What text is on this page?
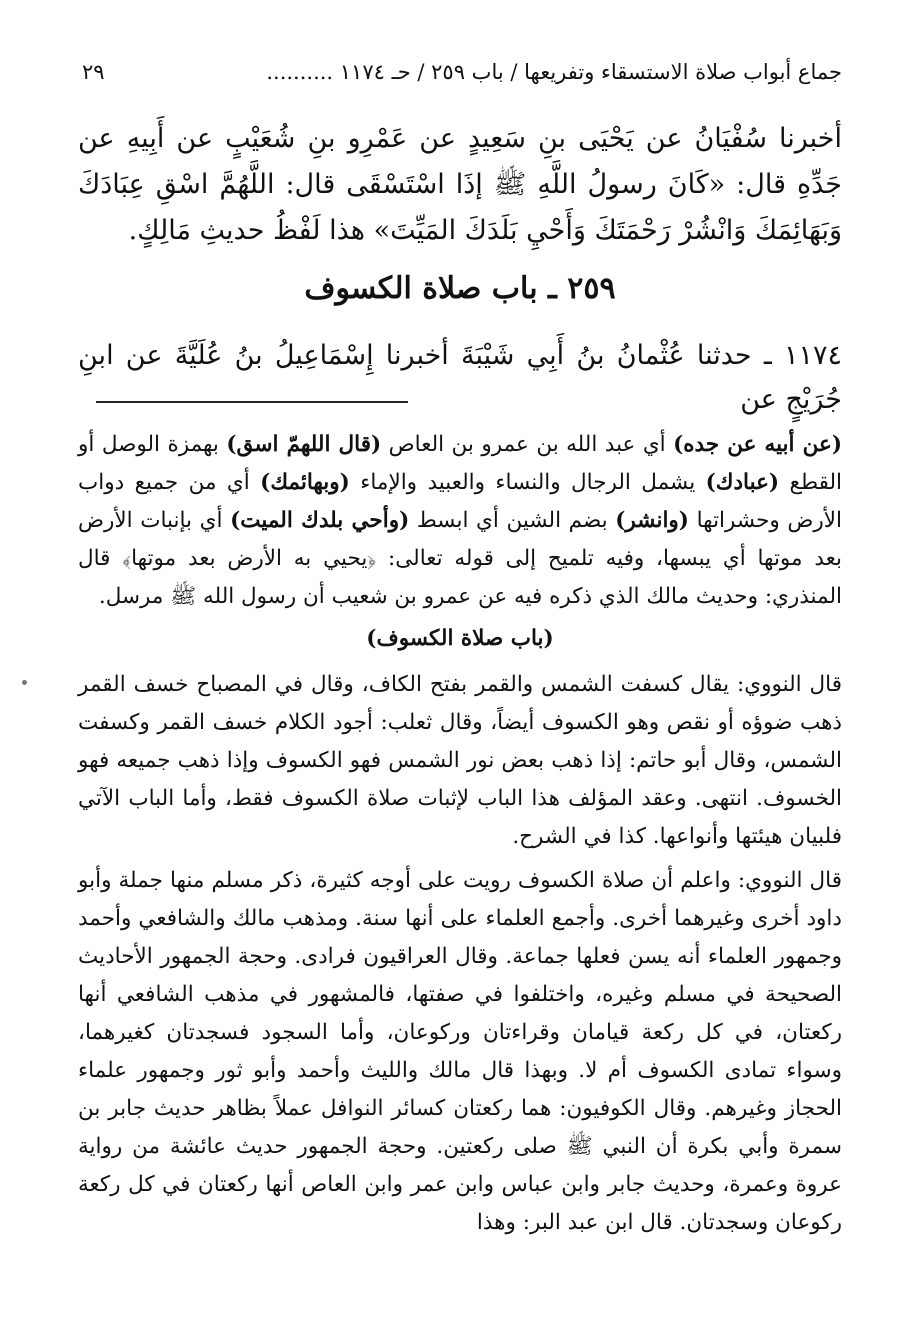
جماع أبواب صلاة الاستسقاء وتفريعها / باب ٢٥٩ / حـ ١١٧٤ ..........
٢٩

أخبرنا سُفْيَانُ عن يَحْيَى بنِ سَعِيدٍ عن عَمْرِو بنِ شُعَيْبٍ عن أَبِيهِ عن جَدِّهِ قال: «كَانَ رسولُ اللَّهِ ﷺ إذَا اسْتَسْقَى قال: اللَّهُمَّ اسْقِ عِبَادَكَ وَبَهَائِمَكَ وَانْشُرْ رَحْمَتَكَ وَأَحْيِ بَلَدَكَ المَيِّتَ» هذا لَفْظُ حديثِ مَالِكٍ.

٢٥٩ ـ باب صلاة الكسوف

١١٧٤ ـ حدثنا عُثْمانُ بنُ أَبِي شَيْبَةَ أخبرنا إِسْمَاعِيلُ بنُ عُلَيَّةَ عن ابنِ جُرَيْجٍ عن

(عن أبيه عن جده) أي عبد الله بن عمرو بن العاص (قال اللهمّ اسق) بهمزة الوصل أو القطع (عبادك) يشمل الرجال والنساء والعبيد والإماء (وبهائمك) أي من جميع دواب الأرض وحشراتها (وانشر) بضم الشين أي ابسط (وأحي بلدك الميت) أي بإنبات الأرض بعد موتها أي يبسها، وفيه تلميح إلى قوله تعالى: ﴿يحيي به الأرض بعد موتها﴾ قال المنذري: وحديث مالك الذي ذكره فيه عن عمرو بن شعيب أن رسول الله ﷺ مرسل.

(باب صلاة الكسوف)

قال النووي: يقال كسفت الشمس والقمر بفتح الكاف، وقال في المصباح خسف القمر ذهب ضوؤه أو نقص وهو الكسوف أيضاً، وقال ثعلب: أجود الكلام خسف القمر وكسفت الشمس، وقال أبو حاتم: إذا ذهب بعض نور الشمس فهو الكسوف وإذا ذهب جميعه فهو الخسوف. انتهى. وعقد المؤلف هذا الباب لإثبات صلاة الكسوف فقط، وأما الباب الآتي فلبيان هيئتها وأنواعها. كذا في الشرح.

قال النووي: واعلم أن صلاة الكسوف رويت على أوجه كثيرة، ذكر مسلم منها جملة وأبو داود أخرى وغيرهما أخرى. وأجمع العلماء على أنها سنة. ومذهب مالك والشافعي وأحمد وجمهور العلماء أنه يسن فعلها جماعة. وقال العراقيون فرادى. وحجة الجمهور الأحاديث الصحيحة في مسلم وغيره، واختلفوا في صفتها، فالمشهور في مذهب الشافعي أنها ركعتان، في كل ركعة قيامان وقراءتان وركوعان، وأما السجود فسجدتان كغيرهما، وسواء تمادى الكسوف أم لا. وبهذا قال مالك والليث وأحمد وأبو ثور وجمهور علماء الحجاز وغيرهم. وقال الكوفيون: هما ركعتان كسائر النوافل عملاً بظاهر حديث جابر بن سمرة وأبي بكرة أن النبي ﷺ صلى ركعتين. وحجة الجمهور حديث عائشة من رواية عروة وعمرة، وحديث جابر وابن عباس وابن عمر وابن العاص أنها ركعتان في كل ركعة ركوعان وسجدتان. قال ابن عبد البر: وهذا
